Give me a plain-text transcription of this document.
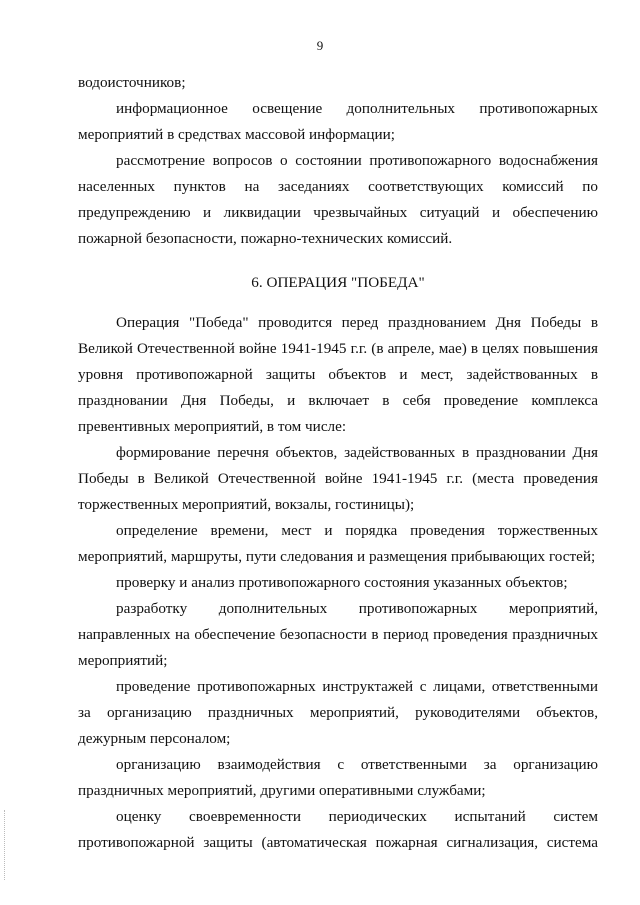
9

водоисточников;

информационное освещение дополнительных противопожарных мероприятий в средствах массовой информации;

рассмотрение вопросов о состоянии противопожарного водоснабжения населенных пунктов на заседаниях соответствующих комиссий по предупреждению и ликвидации чрезвычайных ситуаций и обеспечению пожарной безопасности, пожарно-технических комиссий.

6. ОПЕРАЦИЯ "ПОБЕДА"

Операция "Победа" проводится перед празднованием Дня Победы в Великой Отечественной войне 1941-1945 г.г. (в апреле, мае) в целях повышения уровня противопожарной защиты объектов и мест, задействованных в праздновании Дня Победы, и включает в себя проведение комплекса превентивных мероприятий, в том числе:

формирование перечня объектов, задействованных в праздновании Дня Победы в Великой Отечественной войне 1941-1945 г.г. (места проведения торжественных мероприятий, вокзалы, гостиницы);

определение времени, мест и порядка проведения торжественных мероприятий, маршруты, пути следования и размещения прибывающих гостей;

проверку и анализ противопожарного состояния указанных объектов;

разработку дополнительных противопожарных мероприятий, направленных на обеспечение безопасности в период проведения праздничных мероприятий;

проведение противопожарных инструктажей с лицами, ответственными за организацию праздничных мероприятий, руководителями объектов, дежурным персоналом;

организацию взаимодействия с ответственными за организацию праздничных мероприятий, другими оперативными службами;

оценку своевременности периодических испытаний систем противопожарной защиты (автоматическая пожарная сигнализация, система
